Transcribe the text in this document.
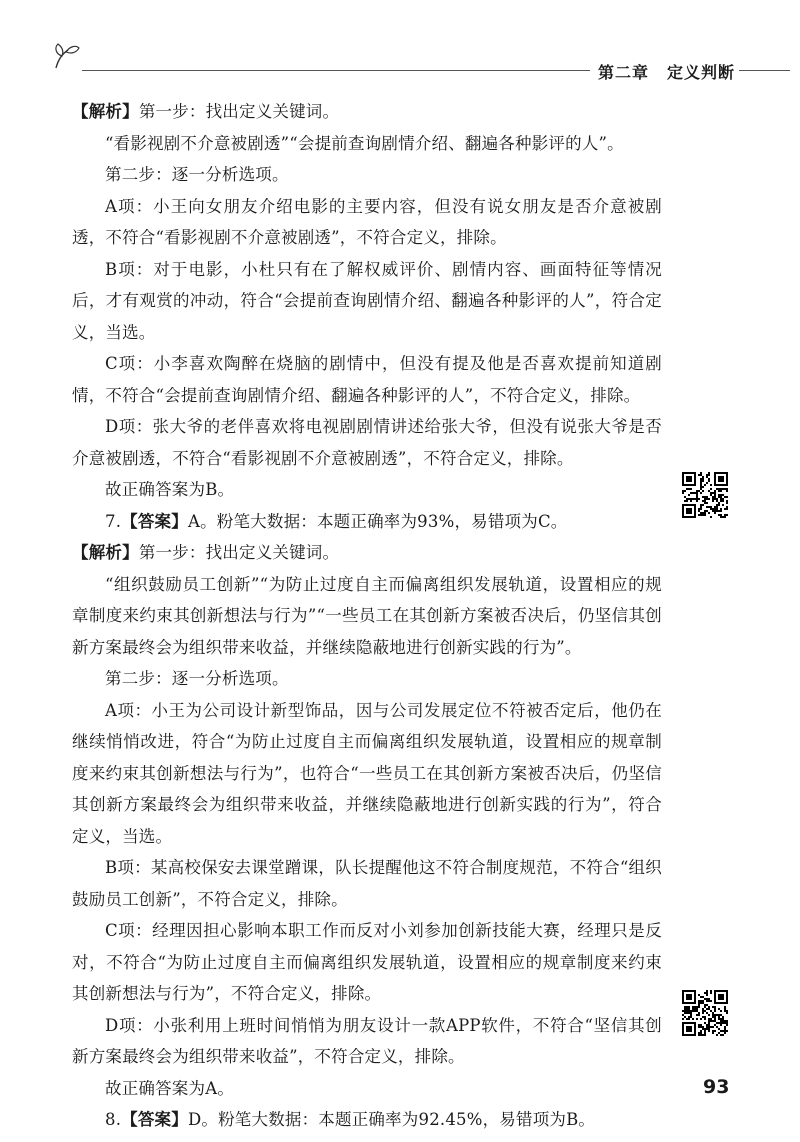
第二章 定义判断

【解析】第一步：找出定义关键词。

“看影视剧不介意被剧透”“会提前查询剧情介绍、翻遍各种影评的人”。

第二步：逐一分析选项。

A项：小王向女朋友介绍电影的主要内容，但没有说女朋友是否介意被剧透，不符合“看影视剧不介意被剧透”，不符合定义，排除。

B项：对于电影，小杜只有在了解权威评价、剧情内容、画面特征等情况后，才有观赏的冲动，符合“会提前查询剧情介绍、翻遍各种影评的人”，符合定义，当选。

C项：小李喜欢陶醉在烧脑的剧情中，但没有提及他是否喜欢提前知道剧情，不符合“会提前查询剧情介绍、翻遍各种影评的人”，不符合定义，排除。

D项：张大爷的老伴喜欢将电视剧剧情讲述给张大爷，但没有说张大爷是否介意被剧透，不符合“看影视剧不介意被剧透”，不符合定义，排除。

故正确答案为B。

7.【答案】A。粉笔大数据：本题正确率为93%，易错项为C。

【解析】第一步：找出定义关键词。

“组织鼓励员工创新”“为防止过度自主而偏离组织发展轨道，设置相应的规章制度来约束其创新想法与行为”“一些员工在其创新方案被否决后，仍坚信其创新方案最终会为组织带来收益，并继续隐蔽地进行创新实践的行为”。

第二步：逐一分析选项。

A项：小王为公司设计新型饰品，因与公司发展定位不符被否定后，他仍在继续悄悄改进，符合“为防止过度自主而偏离组织发展轨道，设置相应的规章制度来约束其创新想法与行为”，也符合“一些员工在其创新方案被否决后，仍坚信其创新方案最终会为组织带来收益，并继续隐蔽地进行创新实践的行为”，符合定义，当选。

B项：某高校保安去课堂蹭课，队长提醒他这不符合制度规范，不符合“组织鼓励员工创新”，不符合定义，排除。

C项：经理因担心影响本职工作而反对小刘参加创新技能大赛，经理只是反对，不符合“为防止过度自主而偏离组织发展轨道，设置相应的规章制度来约束其创新想法与行为”，不符合定义，排除。

D项：小张利用上班时间悄悄为朋友设计一款APP软件，不符合“坚信其创新方案最终会为组织带来收益”，不符合定义，排除。

故正确答案为A。

8.【答案】D。粉笔大数据：本题正确率为92.45%，易错项为B。

93
